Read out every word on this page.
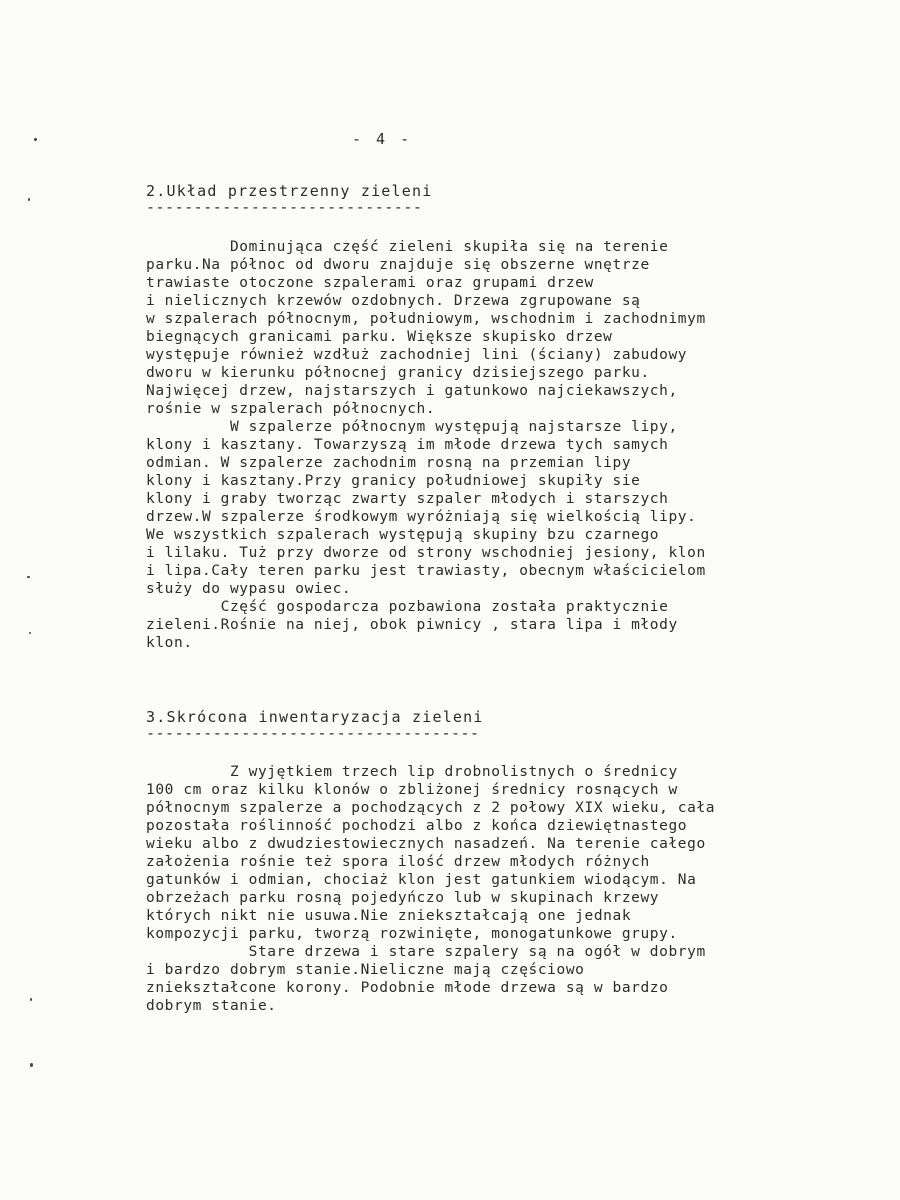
- 4 -
2.Układ przestrzenny zieleni
-----------------------------
Dominująca część zieleni skupiła się na terenie
parku.Na północ od dworu znajduje się obszerne wnętrze
trawiaste otoczone szpalerami oraz grupami drzew
i nielicznych krzewów ozdobnych. Drzewa zgrupowane są
w szpalerach północnym, południowym, wschodnim i zachodnimym
biegnących granicami parku. Większe skupisko drzew
występuje również wzdłuż zachodniej lini (ściany) zabudowy
dworu w kierunku północnej granicy dzisiejszego parku.
Najwięcej drzew, najstarszych i gatunkowo najciekawszych,
rośnie w szpalerach północnych.
W szpalerze północnym występują najstarsze lipy,
klony i kasztany. Towarzyszą im młode drzewa tych samych
odmian. W szpalerze zachodnim rosną na przemian lipy
klony i kasztany.Przy granicy południowej skupiły sie
klony i graby tworząc zwarty szpaler młodych i starszych
drzew.W szpalerze środkowym wyróżniają się wielkością lipy.
We wszystkich szpalerach występują skupiny bzu czarnego
i lilaku. Tuż przy dworze od strony wschodniej jesiony, klon
i lipa.Cały teren parku jest trawiasty, obecnym właścicielom
służy do wypasu owiec.
Część gospodarcza pozbawiona została praktycznie
zieleni.Rośnie na niej, obok piwnicy , stara lipa i młody
klon.
3.Skrócona inwentaryzacja zieleni
-----------------------------------
Z wyjętkiem trzech lip drobnolistnych o średnicy
100 cm oraz kilku klonów o zbliżonej średnicy rosnących w
północnym szpalerze a pochodzących z 2 połowy XIX wieku, cała
pozostała roślinność pochodzi albo z końca dziewiętnastego
wieku albo z dwudziestowiecznych nasadzeń. Na terenie całego
założenia rośnie też spora ilość drzew młodych różnych
gatunków i odmian, chociaż klon jest gatunkiem wiodącym. Na
obrzeżach parku rosną pojedyńczo lub w skupinach krzewy
których nikt nie usuwa.Nie zniekształcają one jednak
kompozycji parku, tworzą rozwinięte, monogatunkowe grupy.
Stare drzewa i stare szpalery są na ogół w dobrym
i bardzo dobrym stanie.Nieliczne mają częściowo
zniekształcone korony. Podobnie młode drzewa są w bardzo
dobrym stanie.
